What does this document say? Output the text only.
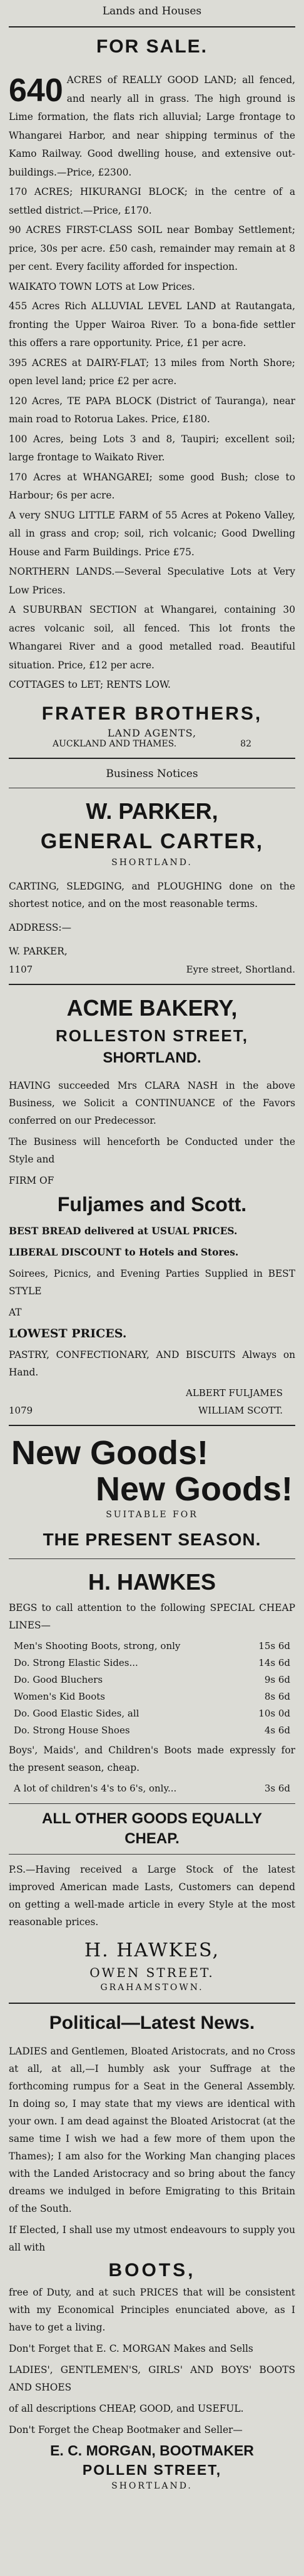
Lands and Houses
FOR SALE.
640 ACRES of REALLY GOOD LAND; all fenced, and nearly all in grass. The high ground is Lime formation, the flats rich alluvial; Large frontage to Whangarei Harbor, and near shipping terminus of the Kamo Railway. Good dwelling house, and extensive out-buildings.—Price, £2300.
170 ACRES; HIKURANGI BLOCK; in the centre of a settled district.—Price, £170.
90 ACRES FIRST-CLASS SOIL near Bombay Settlement; price, 30s per acre. £50 cash, remainder may remain at 8 per cent. Every facility afforded for inspection.
WAIKATO TOWN LOTS at Low Prices.
455 Acres Rich ALLUVIAL LEVEL LAND at Rautangata, fronting the Upper Wairoa River. To a bona-fide settler this offers a rare opportunity. Price, £1 per acre.
395 ACRES at DAIRY-FLAT; 13 miles from North Shore; open level land; price £2 per acre.
120 Acres, TE PAPA BLOCK (District of Tauranga), near main road to Rotorua Lakes. Price, £180.
100 Acres, being Lots 3 and 8, Taupiri; excellent soil; large frontage to Waikato River.
170 Acres at WHANGAREI; some good Bush; close to Harbour; 6s per acre.
A very SNUG LITTLE FARM of 55 Acres at Pokeno Valley, all in grass and crop; soil, rich volcanic; Good Dwelling House and Farm Buildings. Price £75.
NORTHERN LANDS.—Several Speculative Lots at Very Low Prices.
A SUBURBAN SECTION at Whangarei, containing 30 acres volcanic soil, all fenced. This lot fronts the Whangarei River and a good metalled road. Beautiful situation. Price, £12 per acre.
COTTAGES to LET; RENTS LOW.
FRATER BROTHERS,
LAND AGENTS,
AUCKLAND AND THAMES.	82
Business Notices
W. PARKER,
GENERAL CARTER,
SHORTLAND.
CARTING, SLEDGING, and PLOUGHING done on the shortest notice, and on the most reasonable terms.
ADDRESS:—
W. PARKER,
1107	Eyre street, Shortland.
ACME BAKERY,
ROLLESTON STREET,
SHORTLAND.
HAVING succeeded Mrs CLARA NASH in the above Business, we Solicit a CONTINUANCE of the Favors conferred on our Predecessor.
The Business will henceforth be Conducted under the Style and
FIRM OF
Fuljames and Scott.
BEST BREAD delivered at USUAL PRICES.
LIBERAL DISCOUNT to Hotels and Stores.
Soirees, Picnics, and Evening Parties Supplied in BEST STYLE
AT
LOWEST PRICES.
PASTRY, CONFECTIONARY, AND BISCUITS Always on Hand.
ALBERT FULJAMES
1079	WILLIAM SCOTT.
New Goods!
New Goods!
SUITABLE FOR
THE PRESENT SEASON.
H. HAWKES
BEGS to call attention to the following SPECIAL CHEAP LINES—
Men's Shooting Boots, strong, only	15s 6d
Do. Strong Elastic Sides...	14s 6d
Do. Good Bluchers	9s 6d
Women's Kid Boots	8s 6d
Do. Good Elastic Sides, all	10s 0d
Do. Strong House Shoes	4s 6d
Boys', Maids', and Children's Boots made expressly for the present season, cheap.
A lot of children's 4's to 6's, only...	3s 6d
ALL OTHER GOODS EQUALLY
CHEAP.
P.S.—Having received a Large Stock of the latest improved American made Lasts, Customers can depend on getting a well-made article in every Style at the most reasonable prices.
H. HAWKES,
OWEN STREET.
GRAHAMSTOWN.
Political—Latest News.
LADIES and Gentlemen, Bloated Aristocrats, and no Cross at all, at all,—I humbly ask your Suffrage at the forthcoming rumpus for a Seat in the General Assembly. In doing so, I may state that my views are identical with your own. I am dead against the Bloated Aristocrat (at the same time I wish we had a few more of them upon the Thames); I am also for the Working Man changing places with the Landed Aristocracy and so bring about the fancy dreams we indulged in before Emigrating to this Britain of the South.
If Elected, I shall use my utmost endeavours to supply you all with
BOOTS,
free of Duty, and at such PRICES that will be consistent with my Economical Principles enunciated above, as I have to get a living.
Don't Forget that E. C. MORGAN Makes and Sells
LADIES', GENTLEMEN'S, GIRLS' AND BOYS' BOOTS AND SHOES
of all descriptions CHEAP, GOOD, and USEFUL.
Don't Forget the Cheap Bootmaker and Seller—
E. C. MORGAN, BOOTMAKER
POLLEN STREET,
SHORTLAND.
